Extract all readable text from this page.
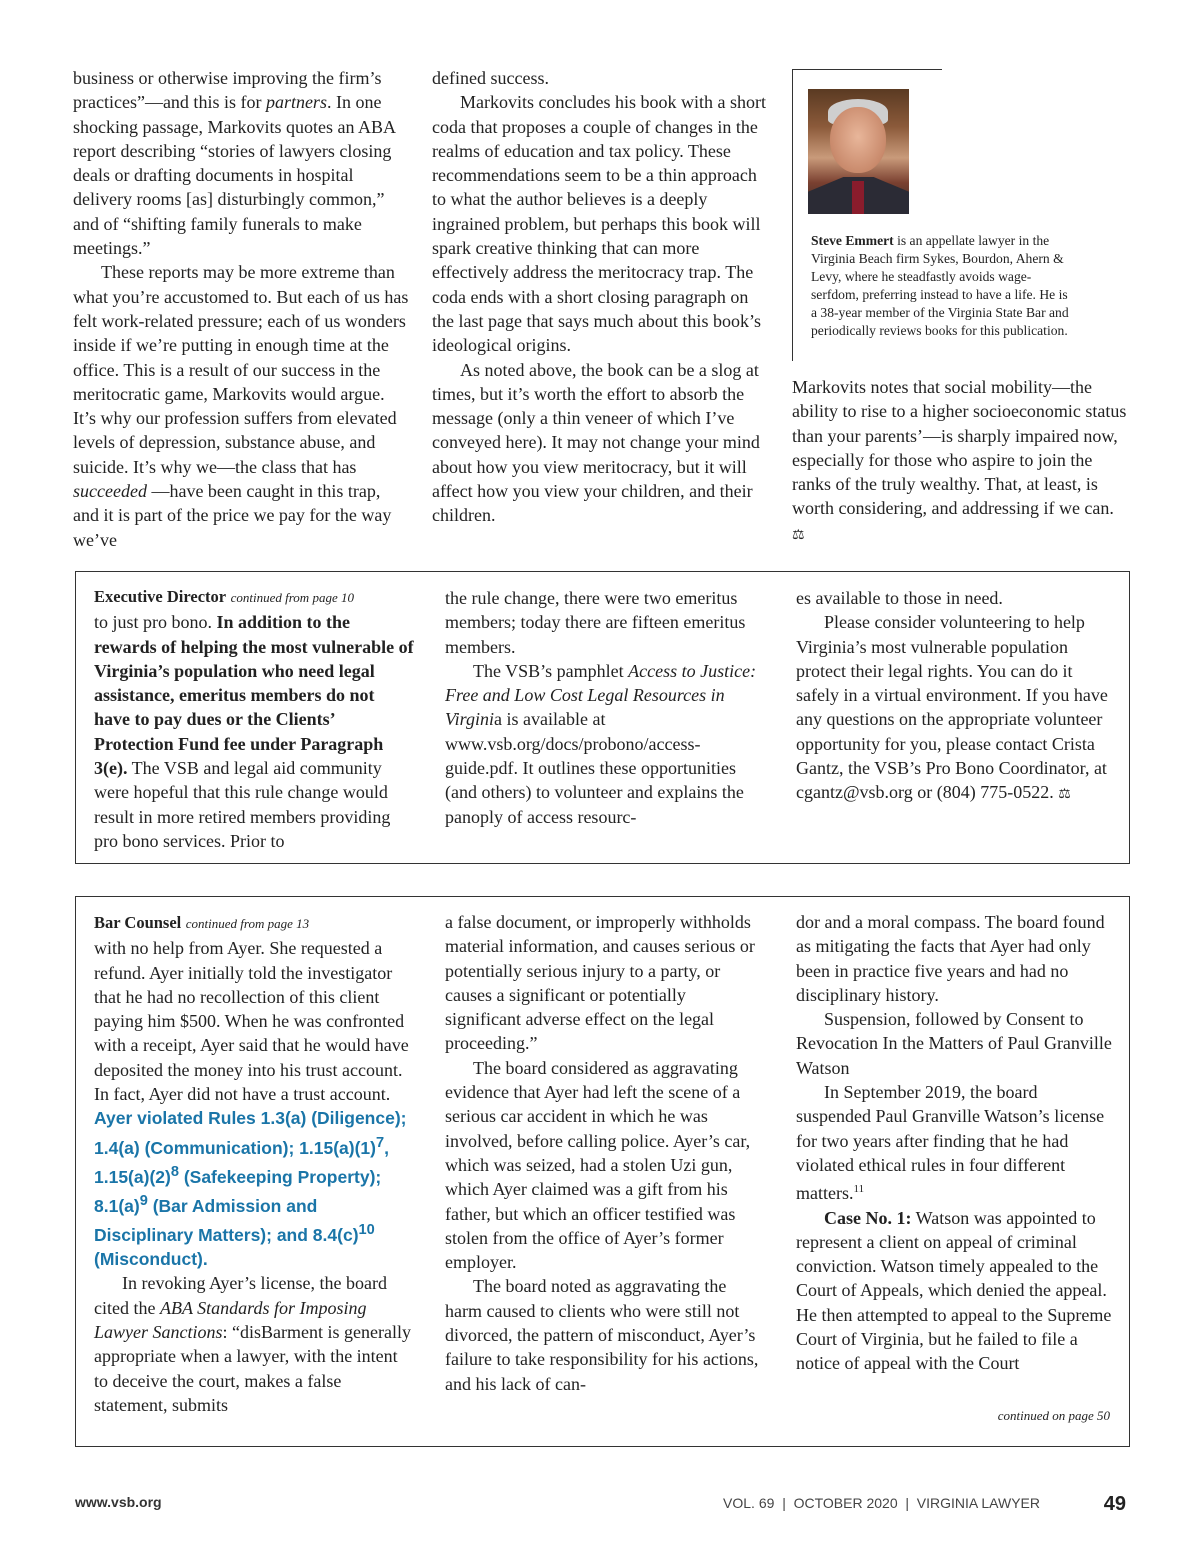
business or otherwise improving the firm’s practices”—and this is for partners. In one shocking passage, Markovits quotes an ABA report describing “stories of lawyers closing deals or drafting documents in hospital delivery rooms [as] disturbingly common,” and of “shifting family funerals to make meetings.”

These reports may be more extreme than what you’re accustomed to. But each of us has felt work-related pressure; each of us wonders inside if we’re putting in enough time at the office. This is a result of our success in the meritocratic game, Markovits would argue. It’s why our profession suffers from elevated levels of depression, substance abuse, and suicide. It’s why we—the class that has succeeded —have been caught in this trap, and it is part of the price we pay for the way we’ve

defined success.

Markovits concludes his book with a short coda that proposes a couple of changes in the realms of education and tax policy. These recommendations seem to be a thin approach to what the author believes is a deeply ingrained problem, but perhaps this book will spark creative thinking that can more effectively address the meritocracy trap. The coda ends with a short closing paragraph on the last page that says much about this book’s ideological origins.

As noted above, the book can be a slog at times, but it’s worth the effort to absorb the message (only a thin veneer of which I’ve conveyed here). It may not change your mind about how you view meritocracy, but it will affect how you view your children, and their children.

Steve Emmert is an appellate lawyer in the Virginia Beach firm Sykes, Bourdon, Ahern & Levy, where he steadfastly avoids wage-serfdom, preferring instead to have a life. He is a 38-year member of the Virginia State Bar and periodically reviews books for this publication.

Markovits notes that social mobility—the ability to rise to a higher socioeconomic status than your parents’—is sharply impaired now, especially for those who aspire to join the ranks of the truly wealthy. That, at least, is worth considering, and addressing if we can. ⚖

Executive Director continued from page 10

to just pro bono. In addition to the rewards of helping the most vulnerable of Virginia’s population who need legal assistance, emeritus members do not have to pay dues or the Clients’ Protection Fund fee under Paragraph 3(e). The VSB and legal aid community were hopeful that this rule change would result in more retired members providing pro bono services. Prior to

the rule change, there were two emeritus members; today there are fifteen emeritus members.

The VSB’s pamphlet Access to Justice: Free and Low Cost Legal Resources in Virginia is available at www.vsb.org/docs/probono/access-guide.pdf. It outlines these opportunities (and others) to volunteer and explains the panoply of access resourc-

es available to those in need.

Please consider volunteering to help Virginia’s most vulnerable population protect their legal rights. You can do it safely in a virtual environment. If you have any questions on the appropriate volunteer opportunity for you, please contact Crista Gantz, the VSB’s Pro Bono Coordinator, at cgantz@vsb.org or (804) 775-0522. ⚖

Bar Counsel continued from page 13

with no help from Ayer. She requested a refund. Ayer initially told the investigator that he had no recollection of this client paying him $500. When he was confronted with a receipt, Ayer said that he would have deposited the money into his trust account. In fact, Ayer did not have a trust account. Ayer violated Rules 1.3(a) (Diligence); 1.4(a) (Communication); $1.15(a)(1)^7$, $1.15(a)(2)^8$ (Safekeeping Property); $8.1(a)^9$ (Bar Admission and Disciplinary Matters); and $8.4(c)^{10}$ (Misconduct).

In revoking Ayer’s license, the board cited the ABA Standards for Imposing Lawyer Sanctions: “disBarment is generally appropriate when a lawyer, with the intent to deceive the court, makes a false statement, submits

a false document, or improperly withholds material information, and causes serious or potentially serious injury to a party, or causes a significant or potentially significant adverse effect on the legal proceeding.”

The board considered as aggravating evidence that Ayer had left the scene of a serious car accident in which he was involved, before calling police. Ayer’s car, which was seized, had a stolen Uzi gun, which Ayer claimed was a gift from his father, but which an officer testified was stolen from the office of Ayer’s former employer.

The board noted as aggravating the harm caused to clients who were still not divorced, the pattern of misconduct, Ayer’s failure to take responsibility for his actions, and his lack of can-

dor and a moral compass. The board found as mitigating the facts that Ayer had only been in practice five years and had no disciplinary history.

Suspension, followed by Consent to Revocation In the Matters of Paul Granville Watson

In September 2019, the board suspended Paul Granville Watson’s license for two years after finding that he had violated ethical rules in four different matters.$^{11}$

Case No. 1: Watson was appointed to represent a client on appeal of criminal conviction. Watson timely appealed to the Court of Appeals, which denied the appeal. He then attempted to appeal to the Supreme Court of Virginia, but he failed to file a notice of appeal with the Court

continued on page 50
www.vsb.org	VOL. 69  |  OCTOBER 2020  |  VIRGINIA LAWYER	49
